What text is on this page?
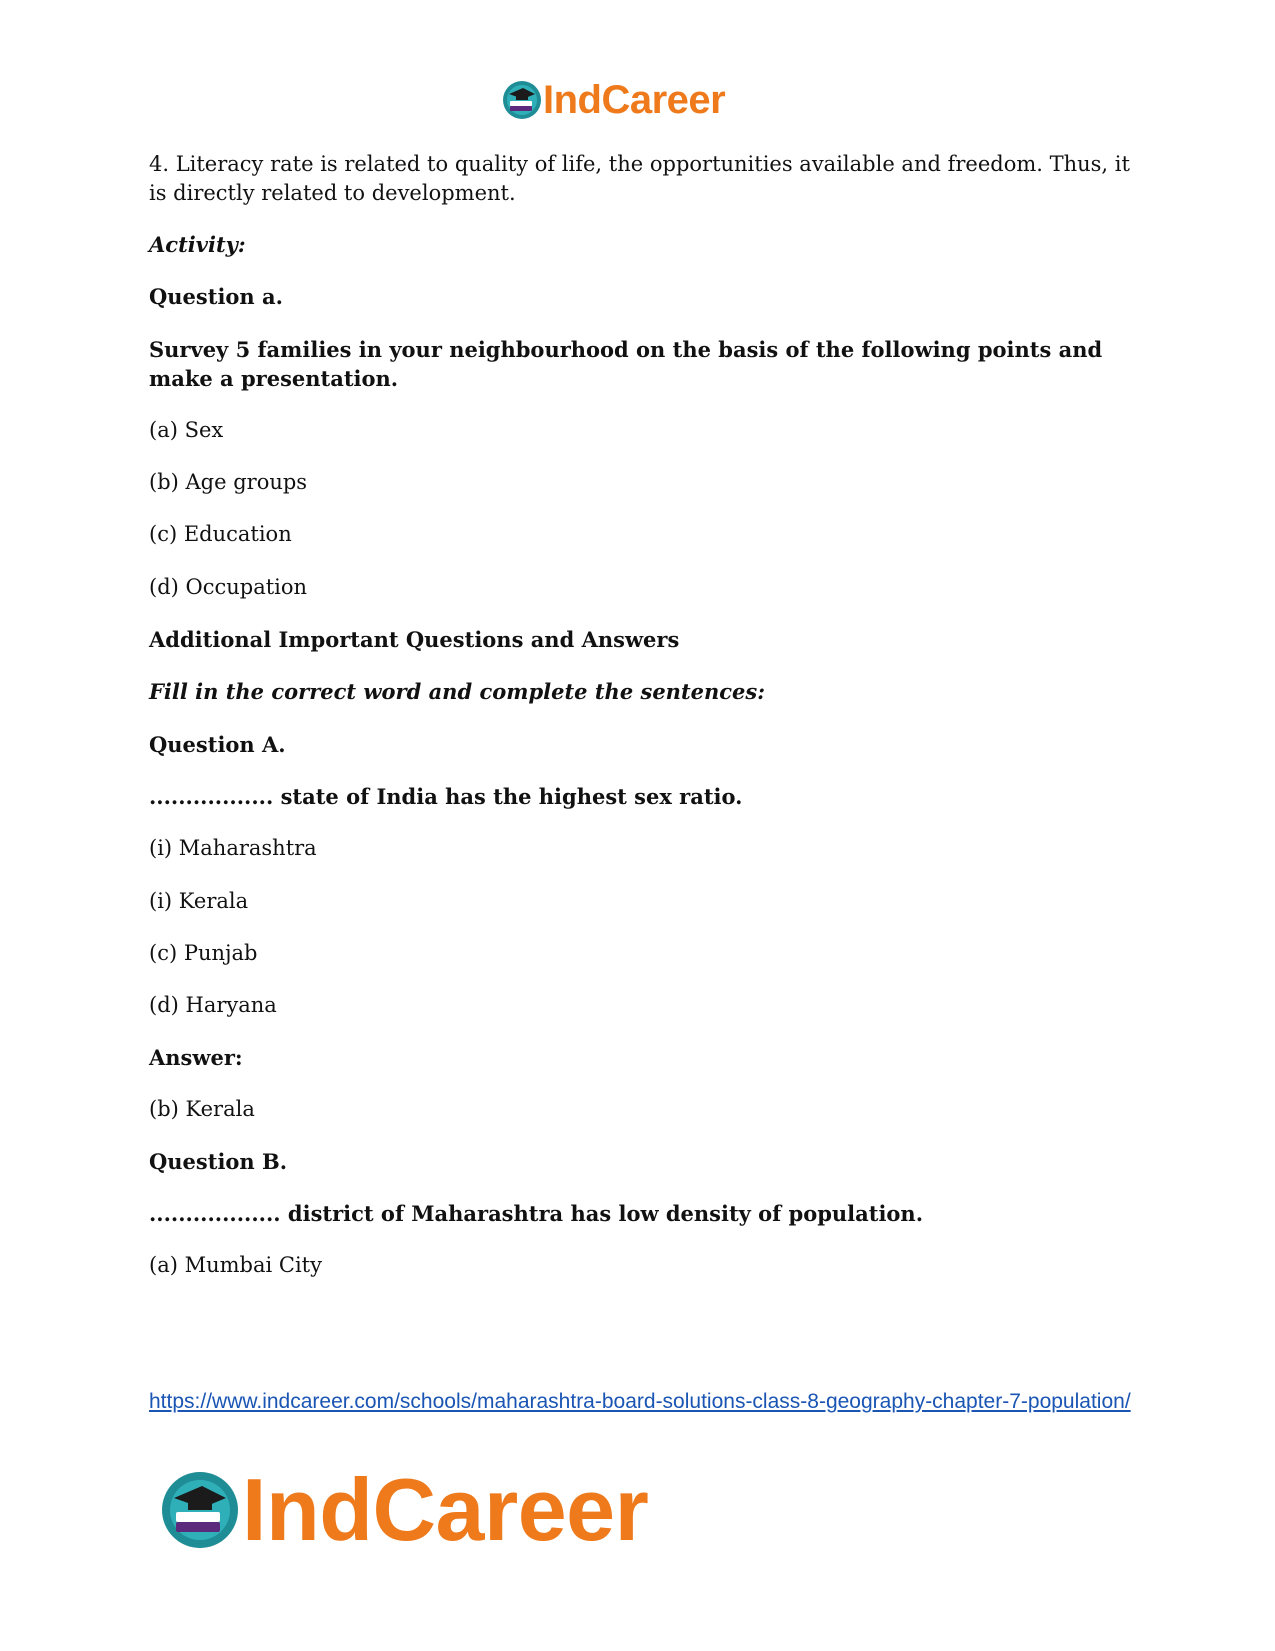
IndCareer

4. Literacy rate is related to quality of life, the opportunities available and freedom. Thus, it is directly related to development.

Activity:

Question a.

Survey 5 families in your neighbourhood on the basis of the following points and make a presentation.

(a) Sex

(b) Age groups

(c) Education

(d) Occupation

Additional Important Questions and Answers

Fill in the correct word and complete the sentences:

Question A.

................. state of India has the highest sex ratio.

(i) Maharashtra

(i) Kerala

(c) Punjab

(d) Haryana

Answer:

(b) Kerala

Question B.

.................. district of Maharashtra has low density of population.

(a) Mumbai City

https://www.indcareer.com/schools/maharashtra-board-solutions-class-8-geography-chapter-7-population/
IndCareer
